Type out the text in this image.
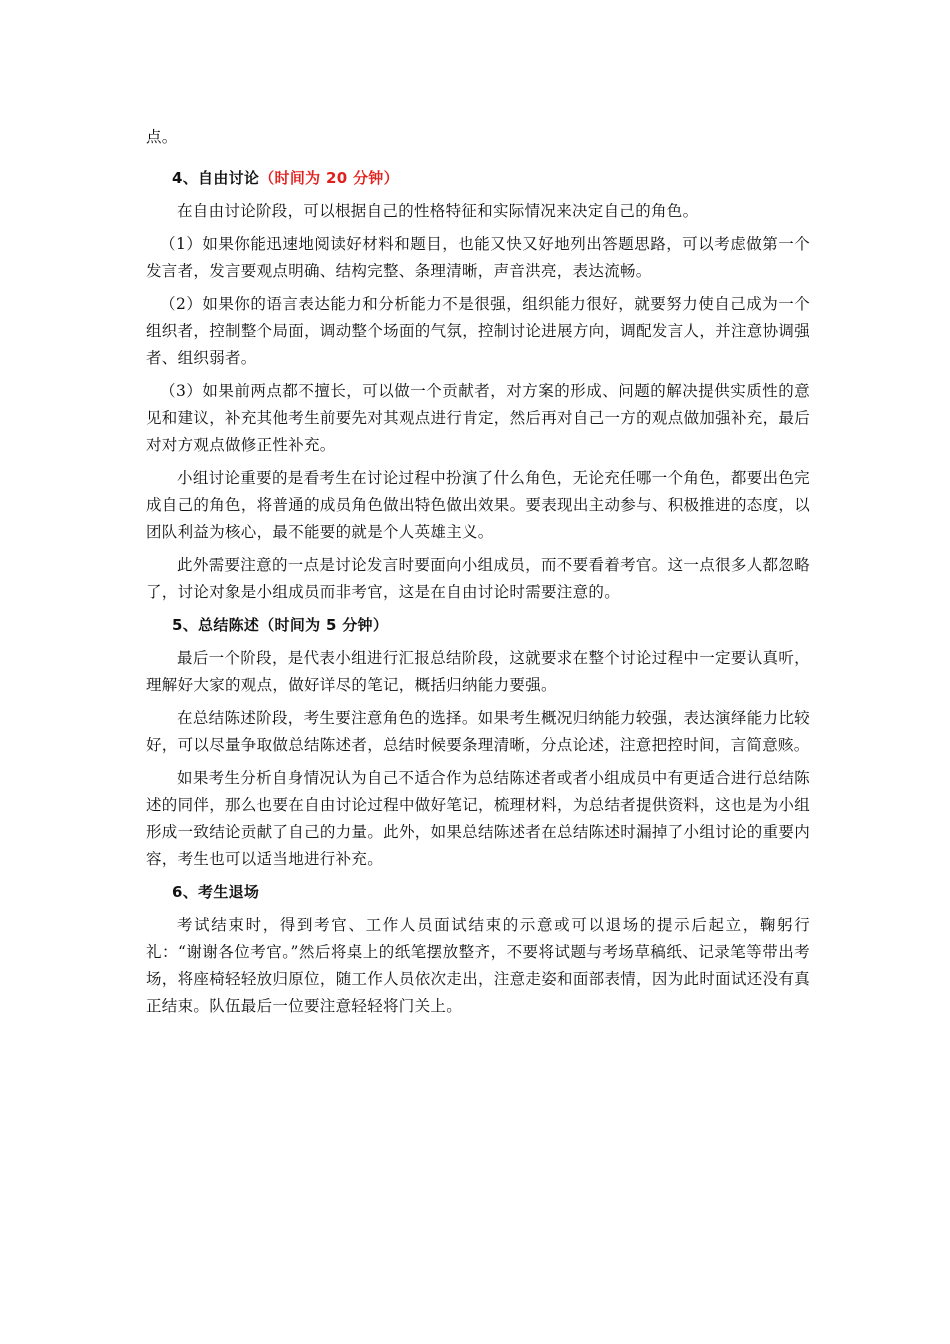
点。

4、自由讨论（时间为 20 分钟）

在自由讨论阶段，可以根据自己的性格特征和实际情况来决定自己的角色。

（1）如果你能迅速地阅读好材料和题目，也能又快又好地列出答题思路，可以考虑做第一个发言者，发言要观点明确、结构完整、条理清晰，声音洪亮，表达流畅。

（2）如果你的语言表达能力和分析能力不是很强，组织能力很好，就要努力使自己成为一个组织者，控制整个局面，调动整个场面的气氛，控制讨论进展方向，调配发言人，并注意协调强者、组织弱者。

（3）如果前两点都不擅长，可以做一个贡献者，对方案的形成、问题的解决提供实质性的意见和建议，补充其他考生前要先对其观点进行肯定，然后再对自己一方的观点做加强补充，最后对对方观点做修正性补充。

小组讨论重要的是看考生在讨论过程中扮演了什么角色，无论充任哪一个角色，都要出色完成自己的角色，将普通的成员角色做出特色做出效果。要表现出主动参与、积极推进的态度，以团队利益为核心，最不能要的就是个人英雄主义。

此外需要注意的一点是讨论发言时要面向小组成员，而不要看着考官。这一点很多人都忽略了，讨论对象是小组成员而非考官，这是在自由讨论时需要注意的。

5、总结陈述（时间为 5 分钟）

最后一个阶段，是代表小组进行汇报总结阶段，这就要求在整个讨论过程中一定要认真听，理解好大家的观点，做好详尽的笔记，概括归纳能力要强。

在总结陈述阶段，考生要注意角色的选择。如果考生概况归纳能力较强，表达演绎能力比较好，可以尽量争取做总结陈述者，总结时候要条理清晰，分点论述，注意把控时间，言简意赅。

如果考生分析自身情况认为自己不适合作为总结陈述者或者小组成员中有更适合进行总结陈述的同伴，那么也要在自由讨论过程中做好笔记，梳理材料，为总结者提供资料，这也是为小组形成一致结论贡献了自己的力量。此外，如果总结陈述者在总结陈述时漏掉了小组讨论的重要内容，考生也可以适当地进行补充。

6、考生退场

考试结束时，得到考官、工作人员面试结束的示意或可以退场的提示后起立，鞠躬行礼：“谢谢各位考官。”然后将桌上的纸笔摆放整齐，不要将试题与考场草稿纸、记录笔等带出考场，将座椅轻轻放归原位，随工作人员依次走出，注意走姿和面部表情，因为此时面试还没有真正结束。队伍最后一位要注意轻轻将门关上。
